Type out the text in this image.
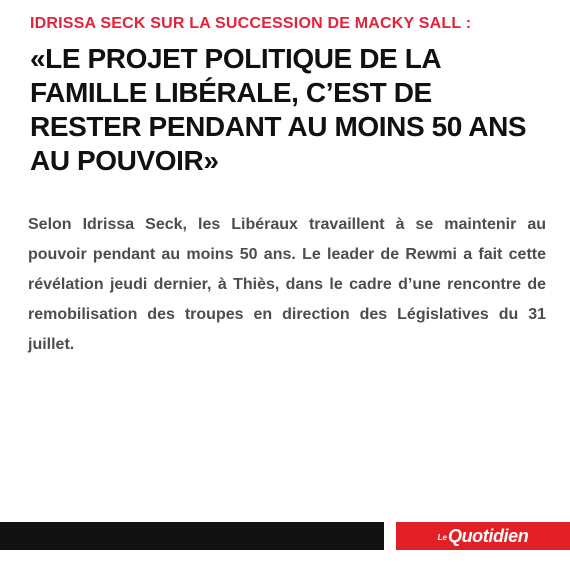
IDRISSA SECK SUR LA SUCCESSION DE MACKY SALL :
«LE PROJET POLITIQUE DE LA FAMILLE LIBÉRALE, C’EST DE RESTER PENDANT AU MOINS 50 ANS AU POUVOIR»

Selon Idrissa Seck, les Libéraux travaillent à se maintenir au pouvoir pendant au moins 50 ans. Le leader de Rewmi a fait cette révélation jeudi dernier, à Thiès, dans le cadre d’une rencontre de remobilisation des troupes en direction des Législatives du 31 juillet.

Le Quotidien
